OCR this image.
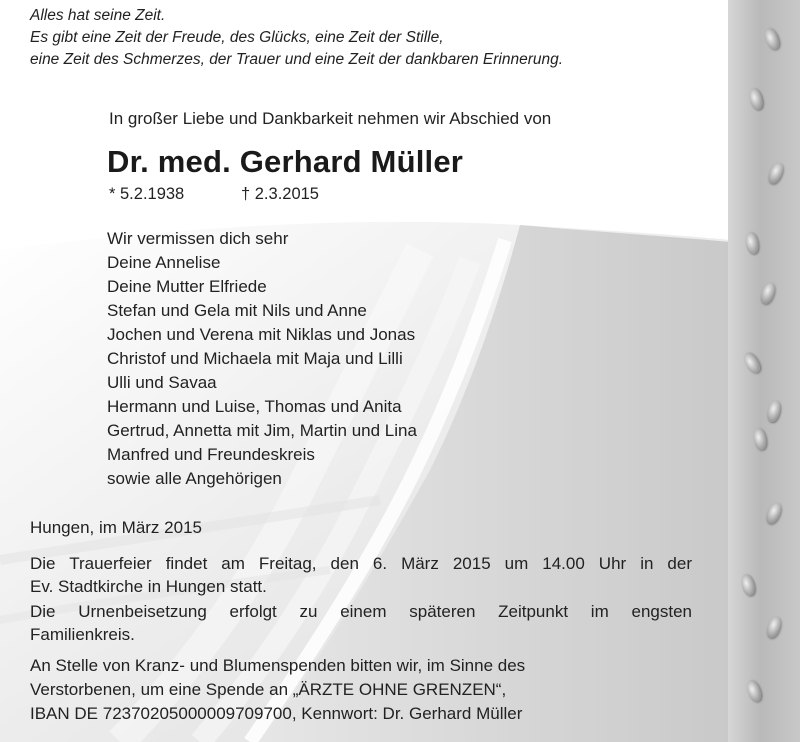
Alles hat seine Zeit.
Es gibt eine Zeit der Freude, des Glücks, eine Zeit der Stille,
eine Zeit des Schmerzes, der Trauer und eine Zeit der dankbaren Erinnerung.
In großer Liebe und Dankbarkeit nehmen wir Abschied von
Dr. med. Gerhard Müller
* 5.2.1938	† 2.3.2015
Wir vermissen dich sehr
Deine Annelise
Deine Mutter Elfriede
Stefan und Gela mit Nils und Anne
Jochen und Verena mit Niklas und Jonas
Christof und Michaela mit Maja und Lilli
Ulli und Savaa
Hermann und Luise, Thomas und Anita
Gertrud, Annetta mit Jim, Martin und Lina
Manfred und Freundeskreis
sowie alle Angehörigen
Hungen, im März 2015
Die Trauerfeier findet am Freitag, den 6. März 2015 um 14.00 Uhr in der
Ev. Stadtkirche in Hungen statt.
Die Urnenbeisetzung erfolgt zu einem späteren Zeitpunkt im engsten
Familienkreis.
An Stelle von Kranz- und Blumenspenden bitten wir, im Sinne des
Verstorbenen, um eine Spende an „ÄRZTE OHNE GRENZEN“,
IBAN DE 72370205000009709700, Kennwort: Dr. Gerhard Müller
